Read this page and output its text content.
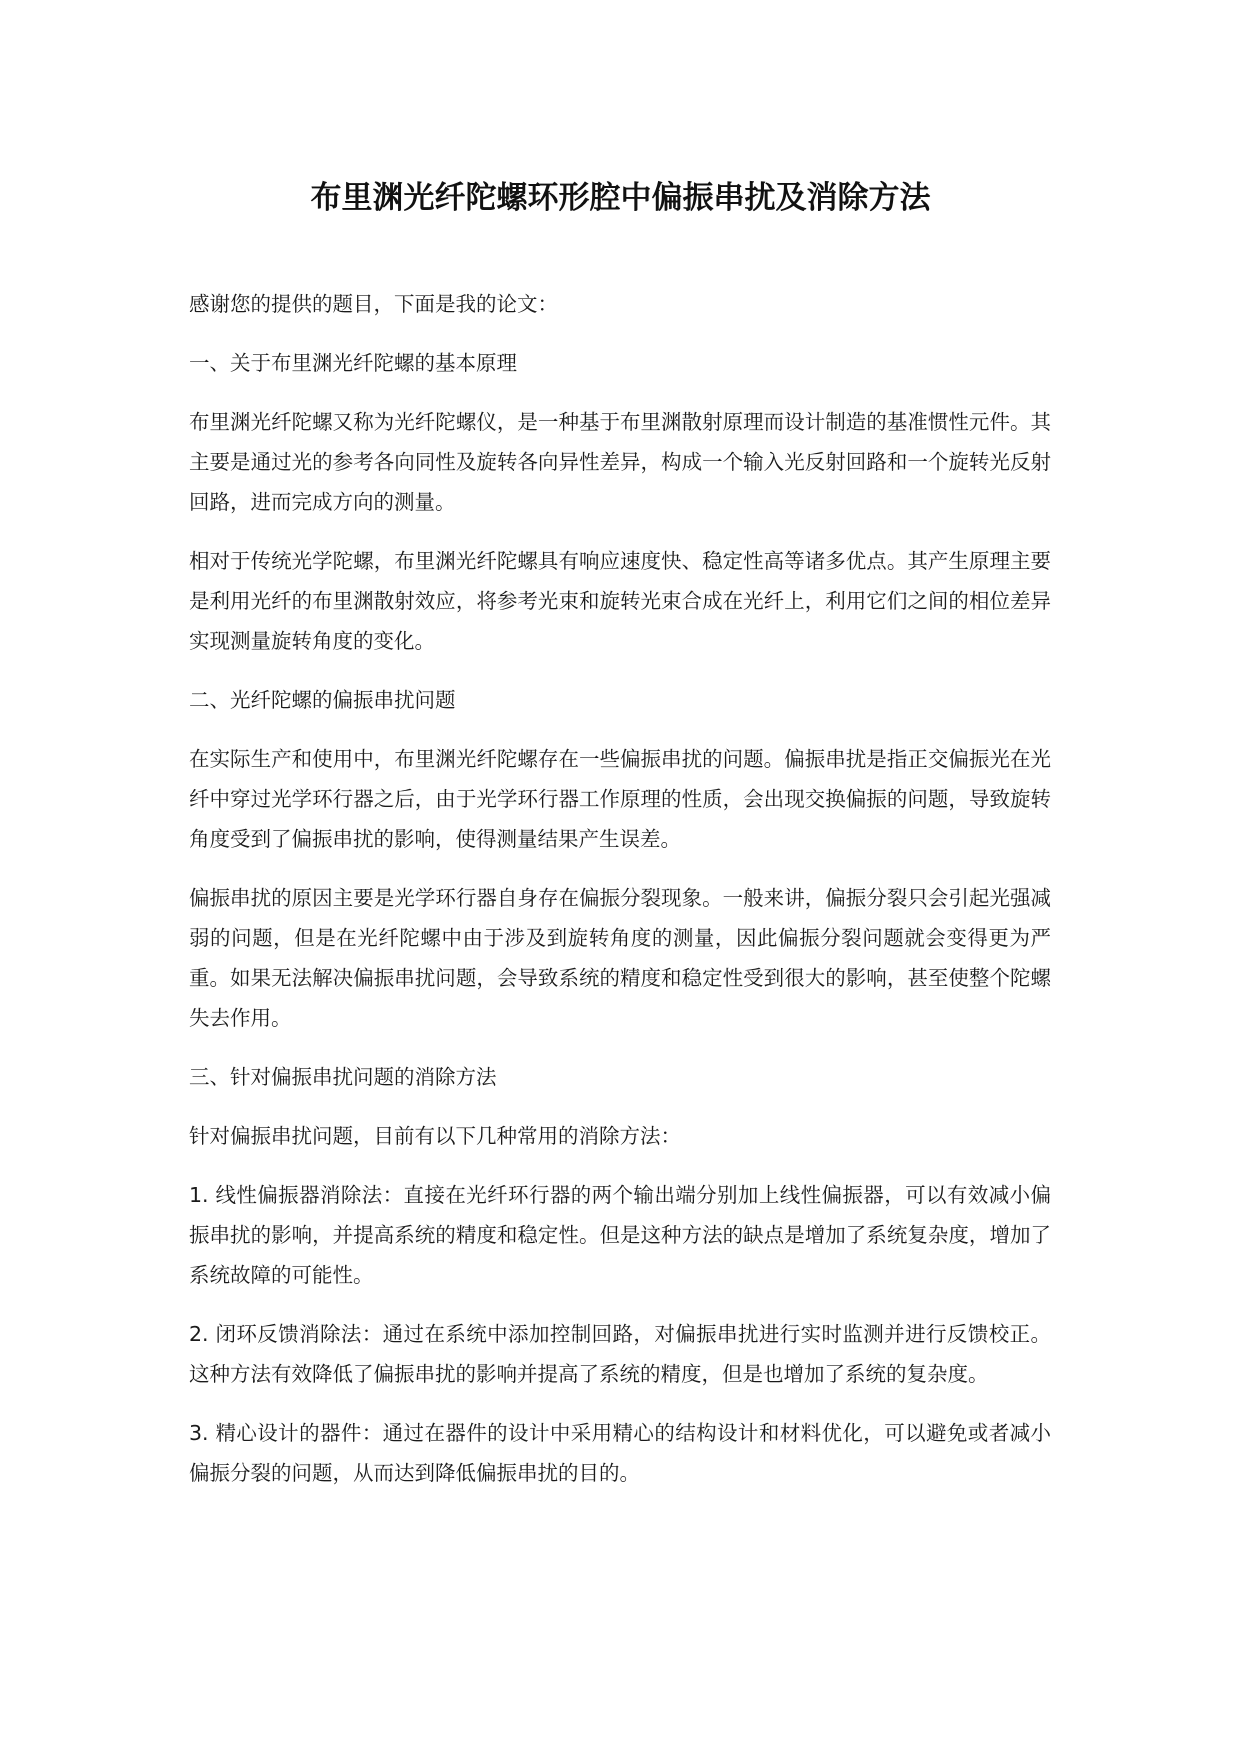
布里渊光纤陀螺环形腔中偏振串扰及消除方法

感谢您的提供的题目，下面是我的论文：

一、关于布里渊光纤陀螺的基本原理

布里渊光纤陀螺又称为光纤陀螺仪，是一种基于布里渊散射原理而设计制造的基准惯性元件。其主要是通过光的参考各向同性及旋转各向异性差异，构成一个输入光反射回路和一个旋转光反射回路，进而完成方向的测量。

相对于传统光学陀螺，布里渊光纤陀螺具有响应速度快、稳定性高等诸多优点。其产生原理主要是利用光纤的布里渊散射效应，将参考光束和旋转光束合成在光纤上，利用它们之间的相位差异实现测量旋转角度的变化。

二、光纤陀螺的偏振串扰问题

在实际生产和使用中，布里渊光纤陀螺存在一些偏振串扰的问题。偏振串扰是指正交偏振光在光纤中穿过光学环行器之后，由于光学环行器工作原理的性质，会出现交换偏振的问题，导致旋转角度受到了偏振串扰的影响，使得测量结果产生误差。

偏振串扰的原因主要是光学环行器自身存在偏振分裂现象。一般来讲，偏振分裂只会引起光强减弱的问题，但是在光纤陀螺中由于涉及到旋转角度的测量，因此偏振分裂问题就会变得更为严重。如果无法解决偏振串扰问题，会导致系统的精度和稳定性受到很大的影响，甚至使整个陀螺失去作用。

三、针对偏振串扰问题的消除方法

针对偏振串扰问题，目前有以下几种常用的消除方法：

1. 线性偏振器消除法：直接在光纤环行器的两个输出端分别加上线性偏振器，可以有效减小偏振串扰的影响，并提高系统的精度和稳定性。但是这种方法的缺点是增加了系统复杂度，增加了系统故障的可能性。

2. 闭环反馈消除法：通过在系统中添加控制回路，对偏振串扰进行实时监测并进行反馈校正。这种方法有效降低了偏振串扰的影响并提高了系统的精度，但是也增加了系统的复杂度。

3. 精心设计的器件：通过在器件的设计中采用精心的结构设计和材料优化，可以避免或者减小偏振分裂的问题，从而达到降低偏振串扰的目的。
